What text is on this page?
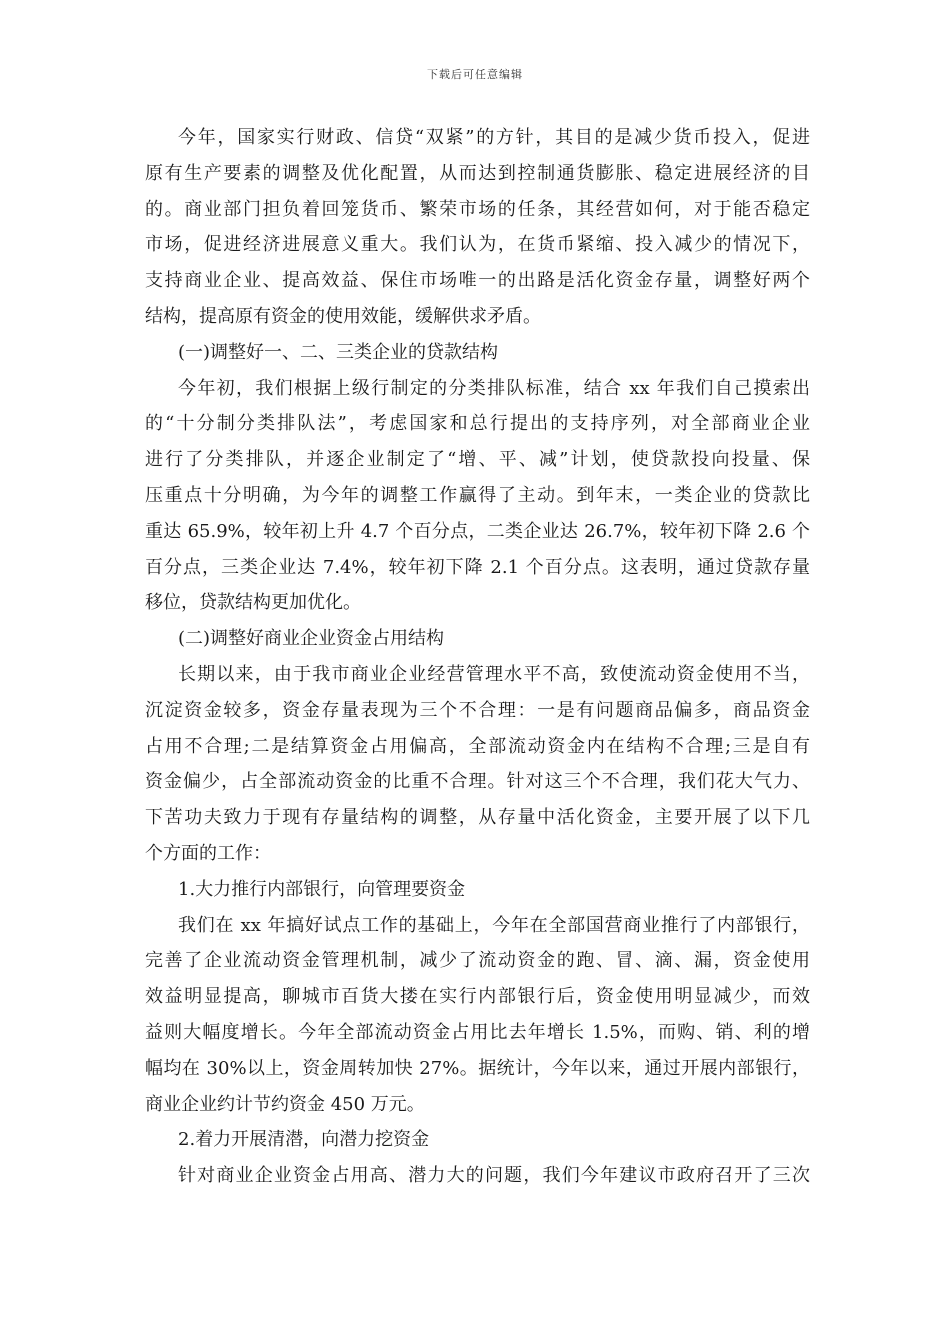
下载后可任意编辑
今年，国家实行财政、信贷“双紧”的方针，其目的是减少货币投入，促进
原有生产要素的调整及优化配置，从而达到控制通货膨胀、稳定进展经济的目
的。商业部门担负着回笼货币、繁荣市场的任条，其经营如何，对于能否稳定
市场，促进经济进展意义重大。我们认为，在货币紧缩、投入减少的情况下，
支持商业企业、提高效益、保住市场唯一的出路是活化资金存量，调整好两个
结构，提高原有资金的使用效能，缓解供求矛盾。
(一)调整好一、二、三类企业的贷款结构
今年初，我们根据上级行制定的分类排队标准，结合 xx 年我们自己摸索出
的“十分制分类排队法”，考虑国家和总行提出的支持序列，对全部商业企业
进行了分类排队，并逐企业制定了“增、平、减”计划，使贷款投向投量、保
压重点十分明确，为今年的调整工作赢得了主动。到年末，一类企业的贷款比
重达 65.9%，较年初上升 4.7 个百分点，二类企业达 26.7%，较年初下降 2.6 个
百分点，三类企业达 7.4%，较年初下降 2.1 个百分点。这表明，通过贷款存量
移位，贷款结构更加优化。
(二)调整好商业企业资金占用结构
长期以来，由于我市商业企业经营管理水平不高，致使流动资金使用不当，
沉淀资金较多，资金存量表现为三个不合理：一是有问题商品偏多，商品资金
占用不合理;二是结算资金占用偏高，全部流动资金内在结构不合理;三是自有
资金偏少，占全部流动资金的比重不合理。针对这三个不合理，我们花大气力、
下苦功夫致力于现有存量结构的调整，从存量中活化资金，主要开展了以下几
个方面的工作：
1.大力推行内部银行，向管理要资金
我们在 xx 年搞好试点工作的基础上，今年在全部国营商业推行了内部银行，
完善了企业流动资金管理机制，减少了流动资金的跑、冒、滴、漏，资金使用
效益明显提高，聊城市百货大搂在实行内部银行后，资金使用明显减少，而效
益则大幅度增长。今年全部流动资金占用比去年增长 1.5%，而购、销、利的增
幅均在 30%以上，资金周转加快 27%。据统计，今年以来，通过开展内部银行，
商业企业约计节约资金 450 万元。
2.着力开展清潜，向潜力挖资金
针对商业企业资金占用高、潜力大的问题，我们今年建议市政府召开了三次
